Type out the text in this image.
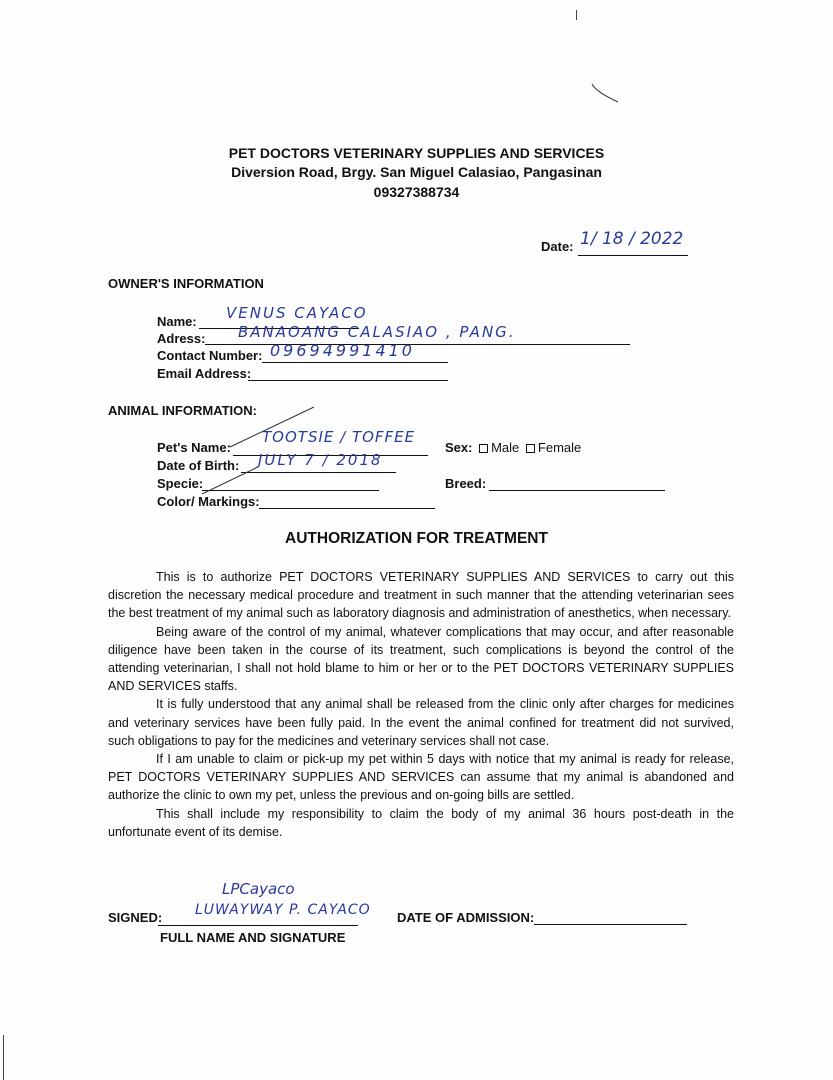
PET DOCTORS VETERINARY SUPPLIES AND SERVICES
Diversion Road, Brgy. San Miguel Calasiao, Pangasinan
09327388734
Date: 1/ 18 / 2022
OWNER'S INFORMATION
Name: VENUS CAYACO
Adress: BANAOANG CALASIAO , PANG.
Contact Number: 09694991410
Email Address:
ANIMAL INFORMATION:
Pet's Name:
TOOTSIE / TOFFEE
Sex: Male Female
Date of Birth: JULY 7 / 2018
Specie:	Breed:
Color/ Markings:
AUTHORIZATION FOR TREATMENT

This is to authorize PET DOCTORS VETERINARY SUPPLIES AND SERVICES to carry out this discretion the necessary medical procedure and treatment in such manner that the attending veterinarian sees the best treatment of my animal such as laboratory diagnosis and administration of anesthetics, when necessary.

Being aware of the control of my animal, whatever complications that may occur, and after reasonable diligence have been taken in the course of its treatment, such complications is beyond the control of the attending veterinarian, I shall not hold blame to him or her or to the PET DOCTORS VETERINARY SUPPLIES AND SERVICES staffs.

It is fully understood that any animal shall be released from the clinic only after charges for medicines and veterinary services have been fully paid. In the event the animal confined for treatment did not survived, such obligations to pay for the medicines and veterinary services shall not case.

If I am unable to claim or pick-up my pet within 5 days with notice that my animal is ready for release, PET DOCTORS VETERINARY SUPPLIES AND SERVICES can assume that my animal is abandoned and authorize the clinic to own my pet, unless the previous and on-going bills are settled.

This shall include my responsibility to claim the body of my animal 36 hours post-death in the unfortunate event of its demise.

LPCayaco
SIGNED: LUWAYWAY P. CAYACO
FULL NAME AND SIGNATURE
DATE OF ADMISSION:
